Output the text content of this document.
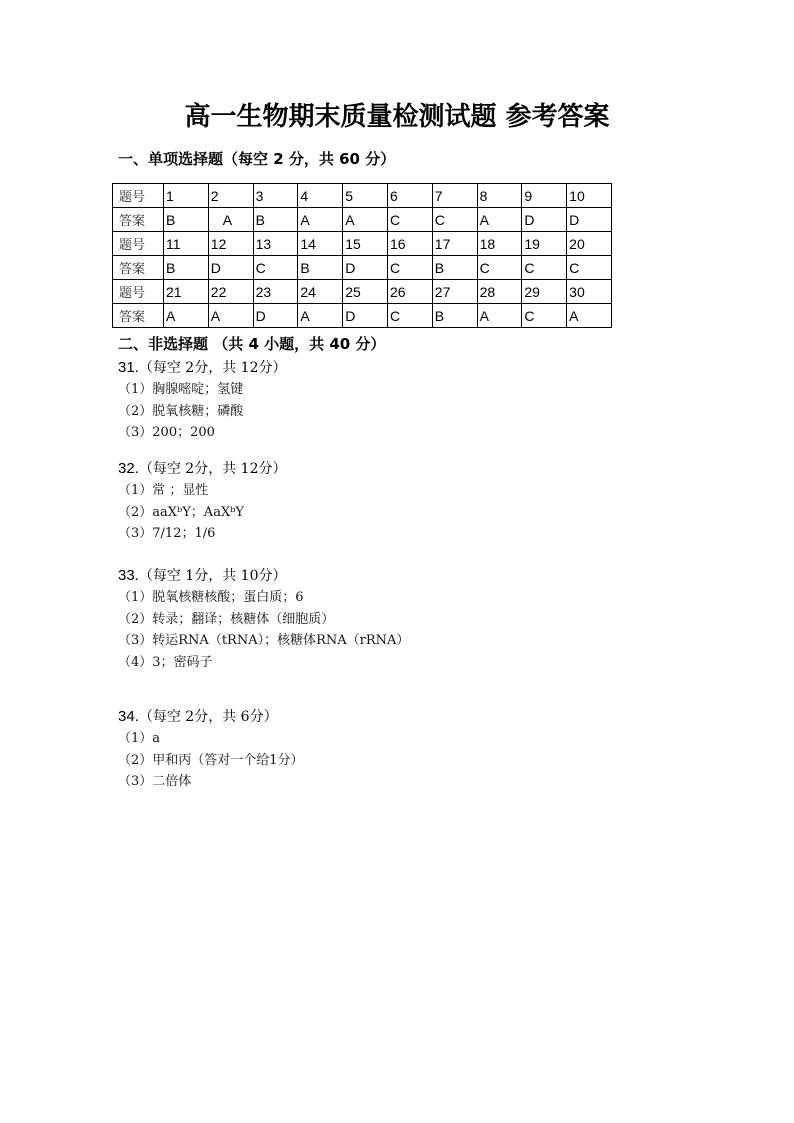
高一生物期末质量检测试题 参考答案
一、单项选择题（每空 2 分，共 60 分）
题号	1	2	3	4	5	6	7	8	9	10
答案	B	A	B	A	A	C	C	A	D	D
题号	11	12	13	14	15	16	17	18	19	20
答案	B	D	C	B	D	C	B	C	C	C
题号	21	22	23	24	25	26	27	28	29	30
答案	A	A	D	A	D	C	B	A	C	A
二、非选择题 （共 4 小题，共 40 分）
31.（每空 2分，共 12分）
（1）胸腺嘧啶；氢键
（2）脱氧核糖；磷酸
（3）200；200
32.（每空 2分，共 12分）
（1）常 ；显性
（2）aaXᵇY；AaXᵇY
（3）7/12；1/6
33.（每空 1分，共 10分）
（1）脱氧核糖核酸；蛋白质；6
（2）转录；翻译；核糖体（细胞质）
（3）转运RNA（tRNA）；核糖体RNA（rRNA）
（4）3；密码子
34.（每空 2分，共 6分）
（1）a
（2）甲和丙（答对一个给1分）
（3）二倍体
